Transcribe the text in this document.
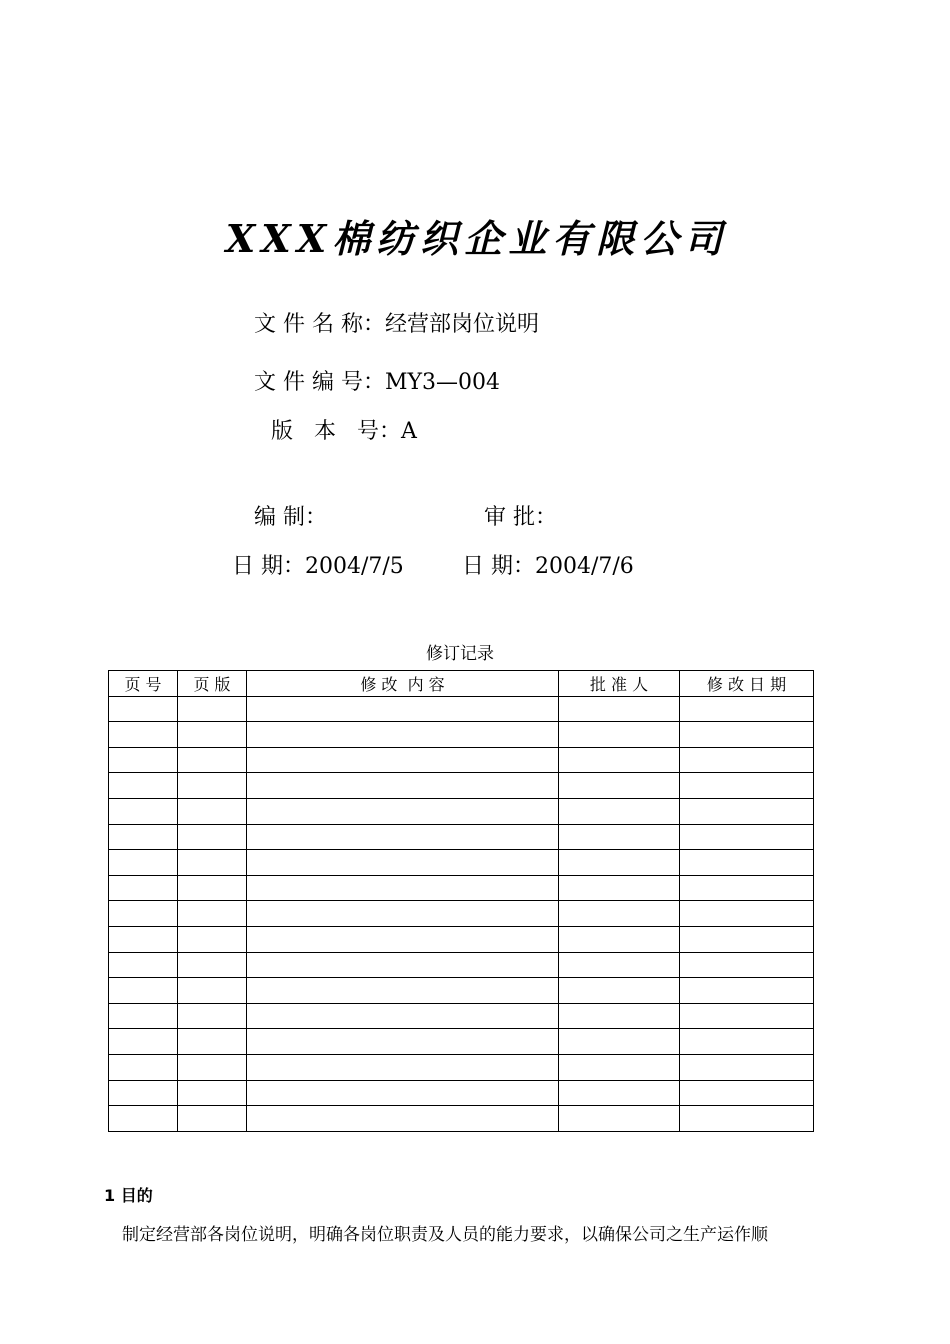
XXX棉纺织企业有限公司
文 件 名 称：经营部岗位说明
文 件 编 号：MY3—004
版   本   号：A
编 制：	审 批：
日 期：2004/7/5	日 期：2004/7/6
修订记录
页 号	页 版	修 改  内 容	批 准 人	修 改 日 期

1 目的
制定经营部各岗位说明，明确各岗位职责及人员的能力要求，以确保公司之生产运作顺
